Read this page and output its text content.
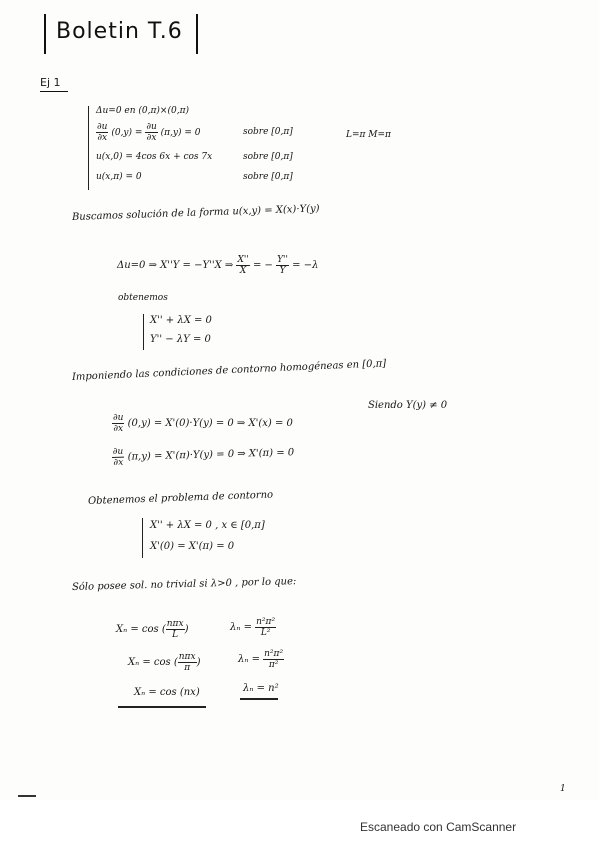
Boletin T.6
Ej 1
Δu=0 en (0,π)×(0,π)
$\frac{\partial u}{\partial x} (0,y) = \frac{\partial u}{\partial x} (\pi,y) = 0$	sobre [0,π]	L=π M=π
u(x,0) = 4cos 6x + cos 7x	sobre [0,π]
u(x,π) = 0	sobre [0,π]
Buscamos solución de la forma u(x,y) = X(x)·Y(y)
Δu=0 ⇒ X''Y = −Y''X ⇒ $\frac{X''}{X}$ = − $\frac{Y''}{Y} = -\lambda$
obtenemos
X'' + λX = 0
Y'' − λY = 0
Imponiendo las condiciones de contorno homogéneas en [0,π]
$\frac{\partial u}{\partial x} (0,y) = X'(0)\cdot Y(y) = 0$ ⇒ X'(x) = 0
Siendo Y(y) ≠ 0
$\frac{\partial u}{\partial x} (\pi,y) = X'(\pi)\cdot Y(y) = 0$ ⇒ X'(π) = 0
Obtenemos el problema de contorno
X'' + λX = 0 , x ∈ [0,π]
X'(0) = X'(π) = 0
Sólo posee sol. no trivial si λ>0 , por lo que:
Xₙ = cos ( $\frac{\text{nπx}}{L}$ )	$\lambda_n = \frac{\text{n²π²}}{\text{L²}}$
Xₙ = cos ( $\frac{\text{nπx}}{\pi}$ )	$\lambda_n = \frac{\text{n²π²}}{\text{π²}}$
Xₙ = cos (nx)	λₙ = n²
1
Escaneado con CamScanner
